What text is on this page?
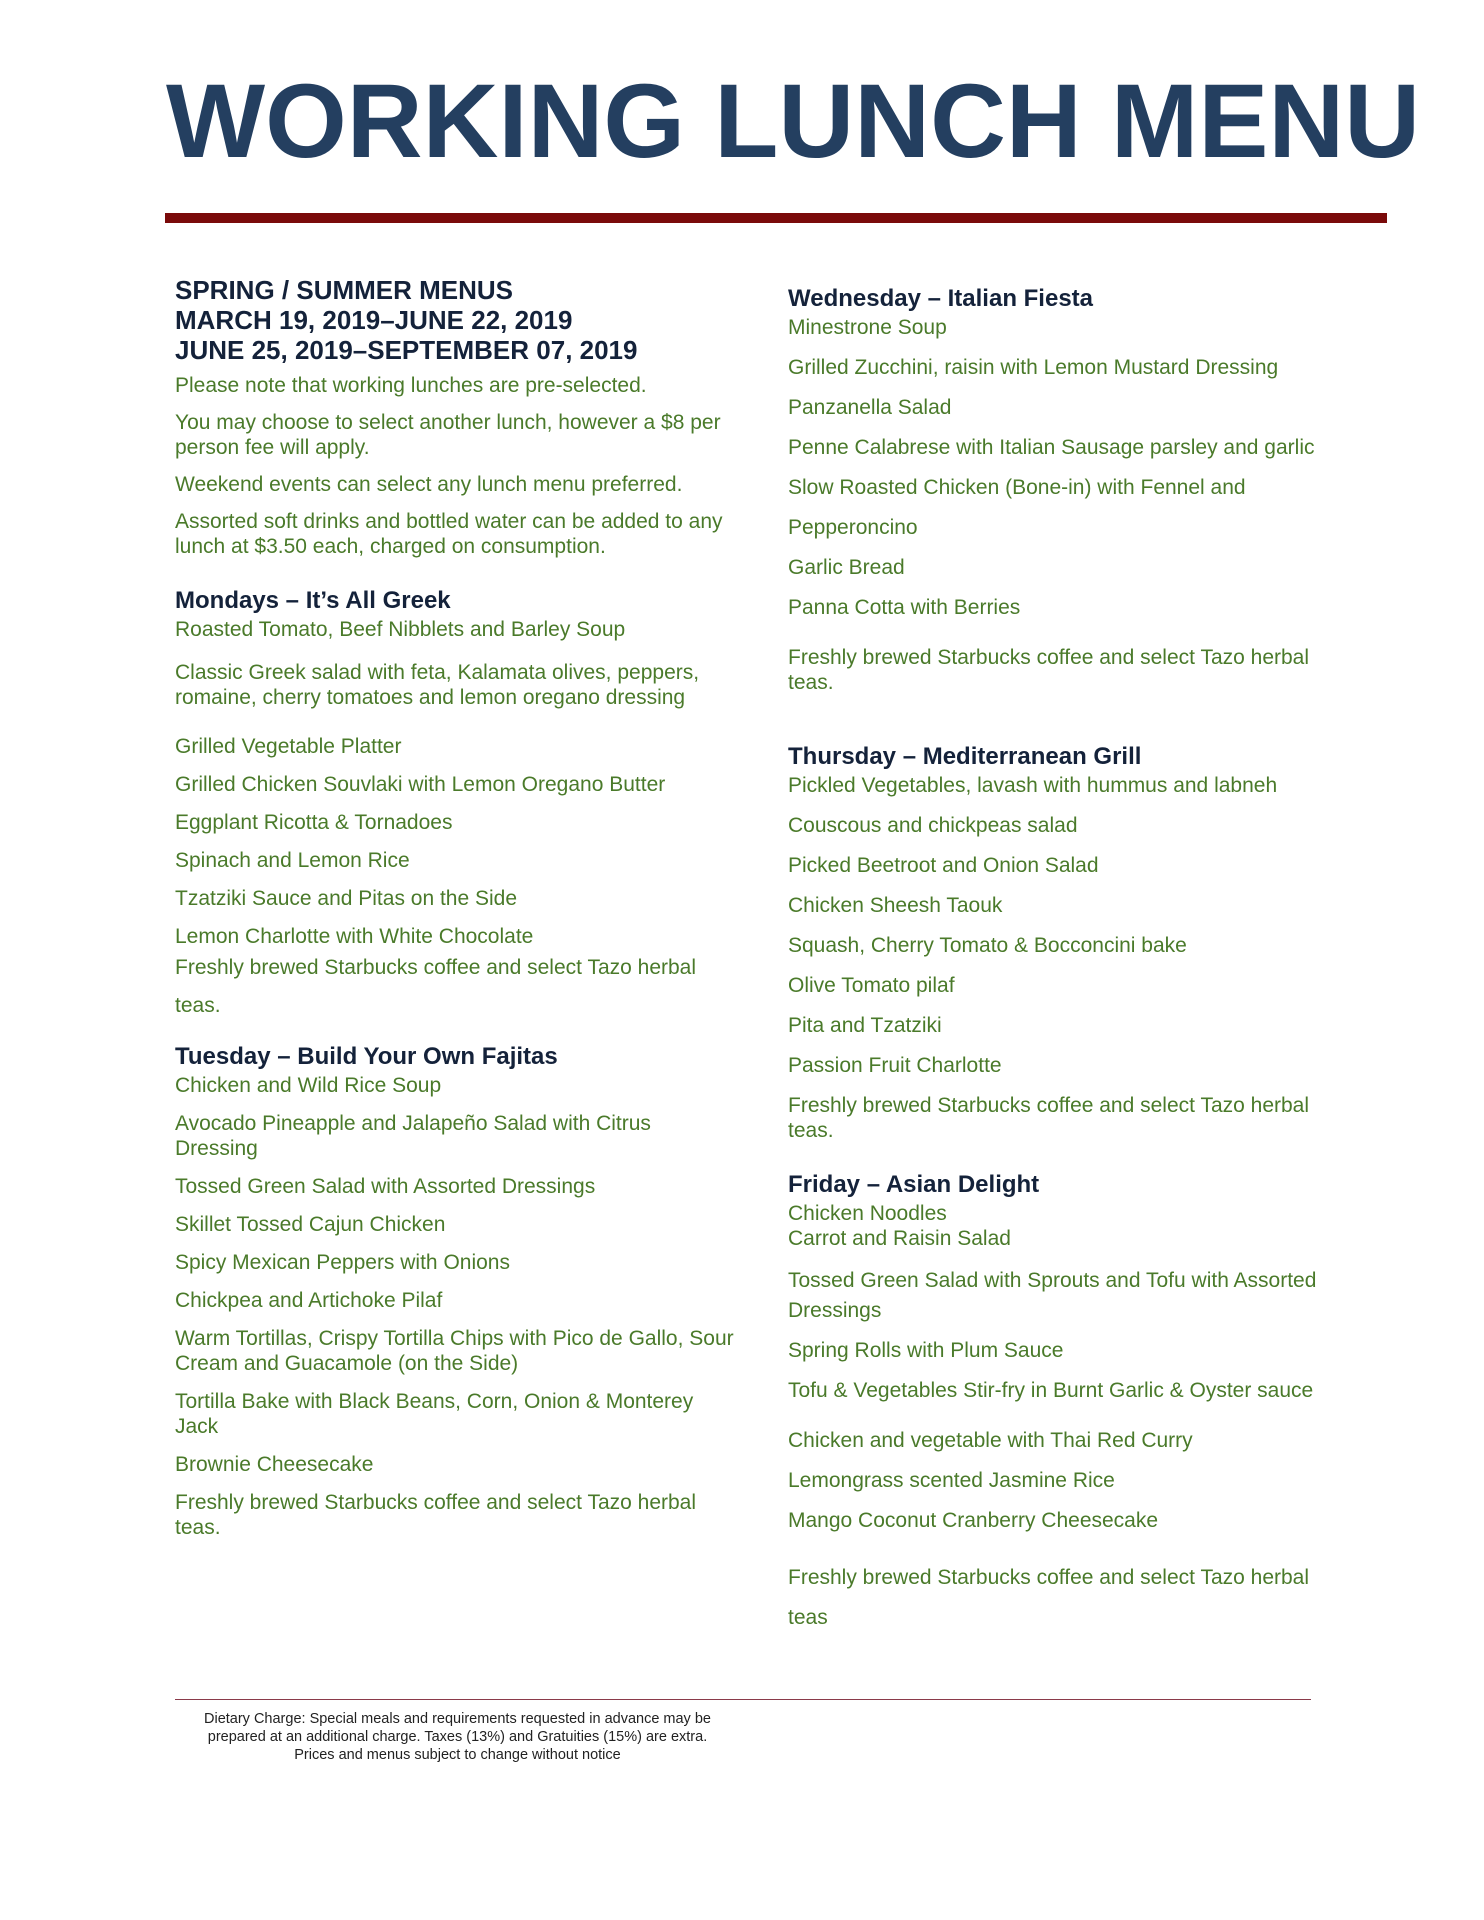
WORKING LUNCH MENU

SPRING / SUMMER MENUS

MARCH 19, 2019–JUNE 22, 2019

JUNE 25, 2019–SEPTEMBER 07, 2019

Please note that working lunches are pre-selected.

You may choose to select another lunch, however a $8 per person fee will apply.

Weekend events can select any lunch menu preferred.

Assorted soft drinks and bottled water can be added to any lunch at $3.50 each, charged on consumption.

Mondays – It’s All Greek

Roasted Tomato, Beef Nibblets and Barley Soup

Classic Greek salad with feta, Kalamata olives, peppers, romaine, cherry tomatoes and lemon oregano dressing

Grilled Vegetable Platter

Grilled Chicken Souvlaki with Lemon Oregano Butter

Eggplant Ricotta & Tornadoes

Spinach and Lemon Rice

Tzatziki Sauce and Pitas on the Side

Lemon Charlotte with White Chocolate

Freshly brewed Starbucks coffee and select Tazo herbal teas.

Tuesday – Build Your Own Fajitas

Chicken and Wild Rice Soup

Avocado Pineapple and Jalapeño Salad with Citrus Dressing

Tossed Green Salad with Assorted Dressings

Skillet Tossed Cajun Chicken

Spicy Mexican Peppers with Onions

Chickpea and Artichoke Pilaf

Warm Tortillas, Crispy Tortilla Chips with Pico de Gallo, Sour Cream and Guacamole (on the Side)

Tortilla Bake with Black Beans, Corn, Onion & Monterey Jack

Brownie Cheesecake

Freshly brewed Starbucks coffee and select Tazo herbal teas.

Wednesday – Italian Fiesta

Minestrone Soup

Grilled Zucchini, raisin with Lemon Mustard Dressing

Panzanella Salad

Penne Calabrese with Italian Sausage parsley and garlic

Slow Roasted Chicken (Bone-in) with Fennel and

Pepperoncino

Garlic Bread

Panna Cotta with Berries

Freshly brewed Starbucks coffee and select Tazo herbal teas.

Thursday – Mediterranean Grill

Pickled Vegetables, lavash with hummus and labneh

Couscous and chickpeas salad

Picked Beetroot and Onion Salad

Chicken Sheesh Taouk

Squash, Cherry Tomato & Bocconcini bake

Olive Tomato pilaf

Pita and Tzatziki

Passion Fruit Charlotte

Freshly brewed Starbucks coffee and select Tazo herbal teas.

Friday – Asian Delight

Chicken Noodles

Carrot and Raisin Salad

Tossed Green Salad with Sprouts and Tofu with Assorted Dressings

Spring Rolls with Plum Sauce

Tofu & Vegetables Stir-fry in Burnt Garlic & Oyster sauce

Chicken and vegetable with Thai Red Curry

Lemongrass scented Jasmine Rice

Mango Coconut Cranberry Cheesecake

Freshly brewed Starbucks coffee and select Tazo herbal teas

Dietary Charge: Special meals and requirements requested in advance may be

prepared at an additional charge. Taxes (13%) and Gratuities (15%) are extra.

Prices and menus subject to change without notice
